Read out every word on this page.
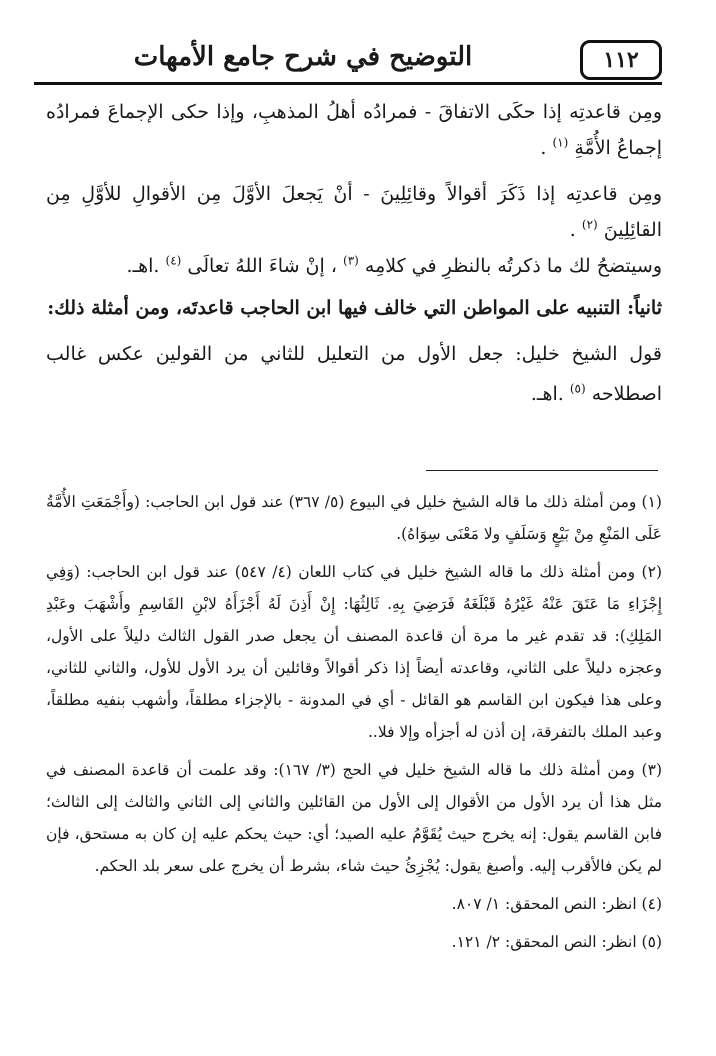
١١٢
التوضيح في شرح جامع الأمهات

ومِن قاعدتِه إذا حكَى الاتفاقَ - فمرادُه أهلُ المذهبِ، وإذا حكى الإجماعَ فمرادُه إجماعُ الأُمَّةِ $^{(١)}$ .

ومِن قاعدتِه إذا ذَكَرَ أقوالاً وقائِلِينَ - أنْ يَجعلَ الأوَّلَ مِن الأقوالِ للأوَّلِ مِن القائِلِينَ $^{(٢)}$ .

وسيتضحُ لك ما ذكرتُه بالنظرِ في كلامِه $^{(٣)}$ ، إنْ شاءَ اللهُ تعالَى $^{(٤)}$ .اهـ.

ثانياً: التنبيه على المواطن التي خالف فيها ابن الحاجب قاعدتَه، ومن أمثلة ذلك:

قول الشيخ خليل: جعل الأول من التعليل للثاني من القولين عكس غالب اصطلاحه $^{(٥)}$ .اهـ.

(١) ومن أمثلة ذلك ما قاله الشيخ خليل في البيوع (٥/ ٣٦٧) عند قول ابن الحاجب: (وأَجْمَعَتِ الأُمَّةُ عَلَى المَنْعِ مِنْ بَيْعٍ وَسَلَفٍ ولا مَعْنَى سِوَاهُ).

(٢) ومن أمثلة ذلك ما قاله الشيخ خليل في كتاب اللعان (٤/ ٥٤٧) عند قول ابن الحاجب: (وَفِي إِجْزَاءِ مَا عَتَقَ عَنْهُ غَيْرُهُ قَبْلَغَهُ فَرَضِيَ بِهِ. ثَالِثُهَا: إِنْ أَذِنَ لَهُ أَجْزَأَهُ لابْنِ القَاسِمِ وأَشْهَبَ وعَبْدِ المَلِكِ): قد تقدم غير ما مرة أن قاعدة المصنف أن يجعل صدر القول الثالث دليلاً على الأول، وعجزه دليلاً على الثاني، وقاعدته أيضاً إذا ذكر أقوالاً وقائلين أن يرد الأول للأول، والثاني للثاني، وعلى هذا فيكون ابن القاسم هو القائل - أي في المدونة - بالإجزاء مطلقاً، وأشهب بنفيه مطلقاً، وعبد الملك بالتفرقة، إن أذن له أجزأه وإلا فلا..

(٣) ومن أمثلة ذلك ما قاله الشيخ خليل في الحج (٣/ ١٦٧): وقد علمت أن قاعدة المصنف في مثل هذا أن يرد الأول من الأقوال إلى الأول من القائلين والثاني إلى الثاني والثالث إلى الثالث؛ فابن القاسم يقول: إنه يخرج حيث يُقَوَّمُ عليه الصيد؛ أي: حيث يحكم عليه إن كان به مستحق، فإن لم يكن فالأقرب إليه. وأصبغ يقول: يُجْزِئُ حيث شاء، بشرط أن يخرج على سعر بلد الحكم.

(٤) انظر: النص المحقق: ١/ ٨٠٧.

(٥) انظر: النص المحقق: ٢/ ١٢١.
